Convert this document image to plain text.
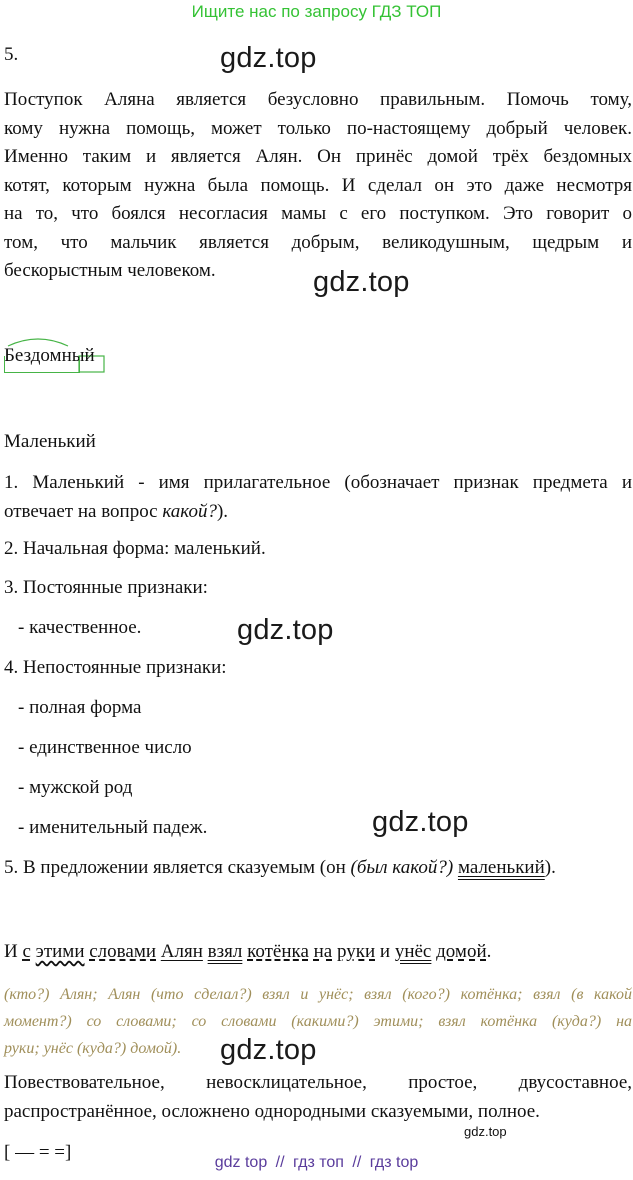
Ищите нас по запросу ГДЗ ТОП
gdz.top
gdz.top
gdz.top
gdz.top
gdz.top
5.
Поступок Аляна является безусловно правильным. Помочь тому,
кому нужна помощь, может только по-настоящему добрый человек.
Именно таким и является Алян. Он принёс домой трёх бездомных
котят, которым нужна была помощь. И сделал он это даже несмотря
на то, что боялся несогласия мамы с его поступком. Это говорит о
том, что мальчик является добрым, великодушным, щедрым и
бескорыстным человеком.
Бездомный
Маленький
1. Маленький - имя прилагательное (обозначает признак предмета и
отвечает на вопрос какой?).
2. Начальная форма: маленький.
3. Постоянные признаки:
- качественное.
4. Непостоянные признаки:
- полная форма
- единственное число
- мужской род
- именительный падеж.
5. В предложении является сказуемым (он (был какой?) маленький).
И с этими словами Алян взял котёнка на руки и унёс домой.
(кто?) Алян; Алян (что сделал?) взял и унёс; взял (кого?) котёнка; взял (в какой
момент?) со словами; со словами (какими?) этими; взял котёнка (куда?) на
руки; унёс (куда?) домой).
Повествовательное, невосклицательное, простое, двусоставное,
распространённое, осложнено однородными сказуемыми, полное.
gdz.top
[ — = =]	gdz top // гдз топ // гдз top
